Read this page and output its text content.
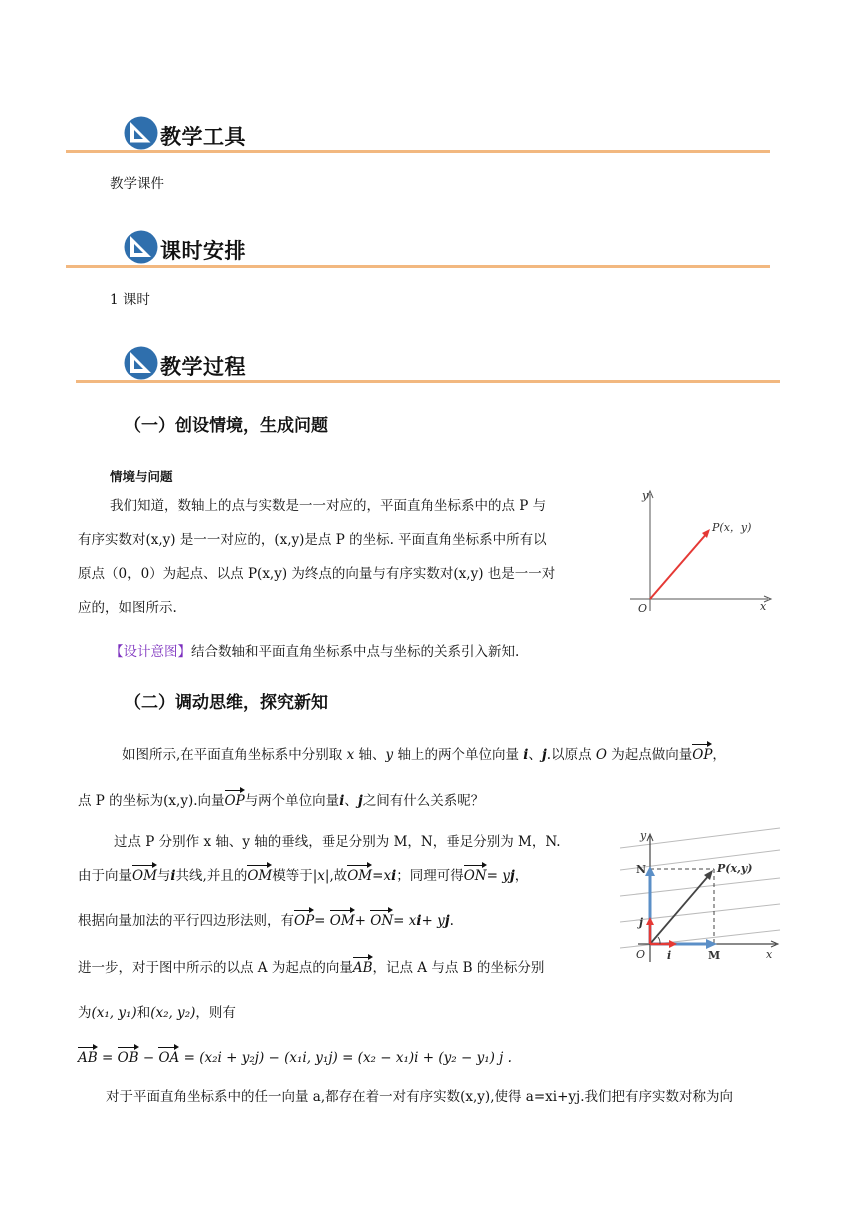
教学工具
教学课件
课时安排
1 课时
教学过程
（一）创设情境，生成问题
情境与问题
我们知道，数轴上的点与实数是一一对应的，平面直角坐标系中的点 P 与
有序实数对(x,y) 是一一对应的，(x,y)是点 P 的坐标. 平面直角坐标系中所有以
原点（0，0）为起点、以点 P(x,y) 为终点的向量与有序实数对(x,y) 也是一一对
应的，如图所示.
【设计意图】结合数轴和平面直角坐标系中点与坐标的关系引入新知.
y
x
O
P(x，y)
（二）调动思维，探究新知
如图所示,在平面直角坐标系中分别取 x 轴、y 轴上的两个单位向量 i、j.以原点 O 为起点做向量OP，
点 P 的坐标为(x,y).向量OP与两个单位向量i、j之间有什么关系呢？
过点 P 分别作 x 轴、y 轴的垂线，垂足分别为 M，N，垂足分别为 M，N.
由于向量OM与i共线,并且的OM模等于|x|,故OM=xi；同理可得ON= yj，
根据向量加法的平行四边形法则，有OP= OM+ ON= xi+ yj.
进一步，对于图中所示的以点 A 为起点的向量AB，记点 A 与点 B 的坐标分别
为(x₁, y₁)和(x₂, y₂)，则有
AB = OB − OA = (x₂i + y₂j) − (x₁i, y₁j) = (x₂ − x₁)i + (y₂ − y₁) j .
对于平面直角坐标系中的任一向量 a,都存在着一对有序实数(x,y),使得 a=xi+yj.我们把有序实数对称为向
y
x
O
N	P(x,y)
M
i
j
